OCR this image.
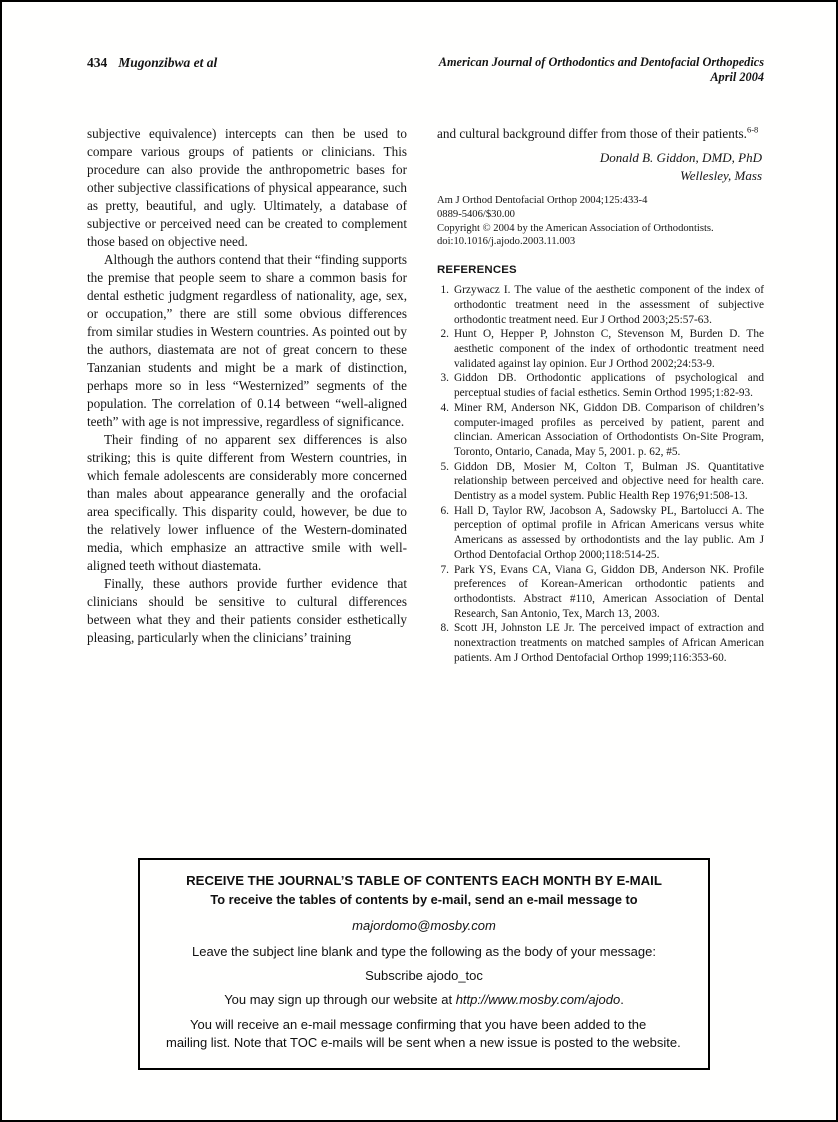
434 Mugonzibwa et al	American Journal of Orthodontics and Dentofacial Orthopedics
April 2004

subjective equivalence) intercepts can then be used to compare various groups of patients or clinicians. This procedure can also provide the anthropometric bases for other subjective classifications of physical appearance, such as pretty, beautiful, and ugly. Ultimately, a database of subjective or perceived need can be created to complement those based on objective need.

Although the authors contend that their “finding supports the premise that people seem to share a common basis for dental esthetic judgment regardless of nationality, age, sex, or occupation,” there are still some obvious differences from similar studies in Western countries. As pointed out by the authors, diastemata are not of great concern to these Tanzanian students and might be a mark of distinction, perhaps more so in less “Westernized” segments of the population. The correlation of 0.14 between “well-aligned teeth” with age is not impressive, regardless of significance.

Their finding of no apparent sex differences is also striking; this is quite different from Western countries, in which female adolescents are considerably more concerned than males about appearance generally and the orofacial area specifically. This disparity could, however, be due to the relatively lower influence of the Western-dominated media, which emphasize an attractive smile with well-aligned teeth without diastemata.

Finally, these authors provide further evidence that clinicians should be sensitive to cultural differences between what they and their patients consider esthetically pleasing, particularly when the clinicians’ training

and cultural background differ from those of their patients.$^{6-8}$

Donald B. Giddon, DMD, PhD
Wellesley, Mass
Am J Orthod Dentofacial Orthop 2004;125:433-4
0889-5406/$30.00
Copyright © 2004 by the American Association of Orthodontists.
doi:10.1016/j.ajodo.2003.11.003
REFERENCES
1. Grzywacz I. The value of the aesthetic component of the index of orthodontic treatment need in the assessment of subjective orthodontic treatment need. Eur J Orthod 2003;25:57-63.
2. Hunt O, Hepper P, Johnston C, Stevenson M, Burden D. The aesthetic component of the index of orthodontic treatment need validated against lay opinion. Eur J Orthod 2002;24:53-9.
3. Giddon DB. Orthodontic applications of psychological and perceptual studies of facial esthetics. Semin Orthod 1995;1:82-93.
4. Miner RM, Anderson NK, Giddon DB. Comparison of children’s computer-imaged profiles as perceived by patient, parent and clincian. American Association of Orthodontists On-Site Program, Toronto, Ontario, Canada, May 5, 2001. p. 62, #5.
5. Giddon DB, Mosier M, Colton T, Bulman JS. Quantitative relationship between perceived and objective need for health care. Dentistry as a model system. Public Health Rep 1976;91:508-13.
6. Hall D, Taylor RW, Jacobson A, Sadowsky PL, Bartolucci A. The perception of optimal profile in African Americans versus white Americans as assessed by orthodontists and the lay public. Am J Orthod Dentofacial Orthop 2000;118:514-25.
7. Park YS, Evans CA, Viana G, Giddon DB, Anderson NK. Profile preferences of Korean-American orthodontic patients and orthodontists. Abstract #110, American Association of Dental Research, San Antonio, Tex, March 13, 2003.
8. Scott JH, Johnston LE Jr. The perceived impact of extraction and nonextraction treatments on matched samples of African American patients. Am J Orthod Dentofacial Orthop 1999;116:353-60.
RECEIVE THE JOURNAL’S TABLE OF CONTENTS EACH MONTH BY E-MAIL
To receive the tables of contents by e-mail, send an e-mail message to
majordomo@mosby.com
Leave the subject line blank and type the following as the body of your message:
Subscribe ajodo_toc
You may sign up through our website at http://www.mosby.com/ajodo.
You will receive an e-mail message confirming that you have been added to the mailing list. Note that TOC e-mails will be sent when a new issue is posted to the website.
